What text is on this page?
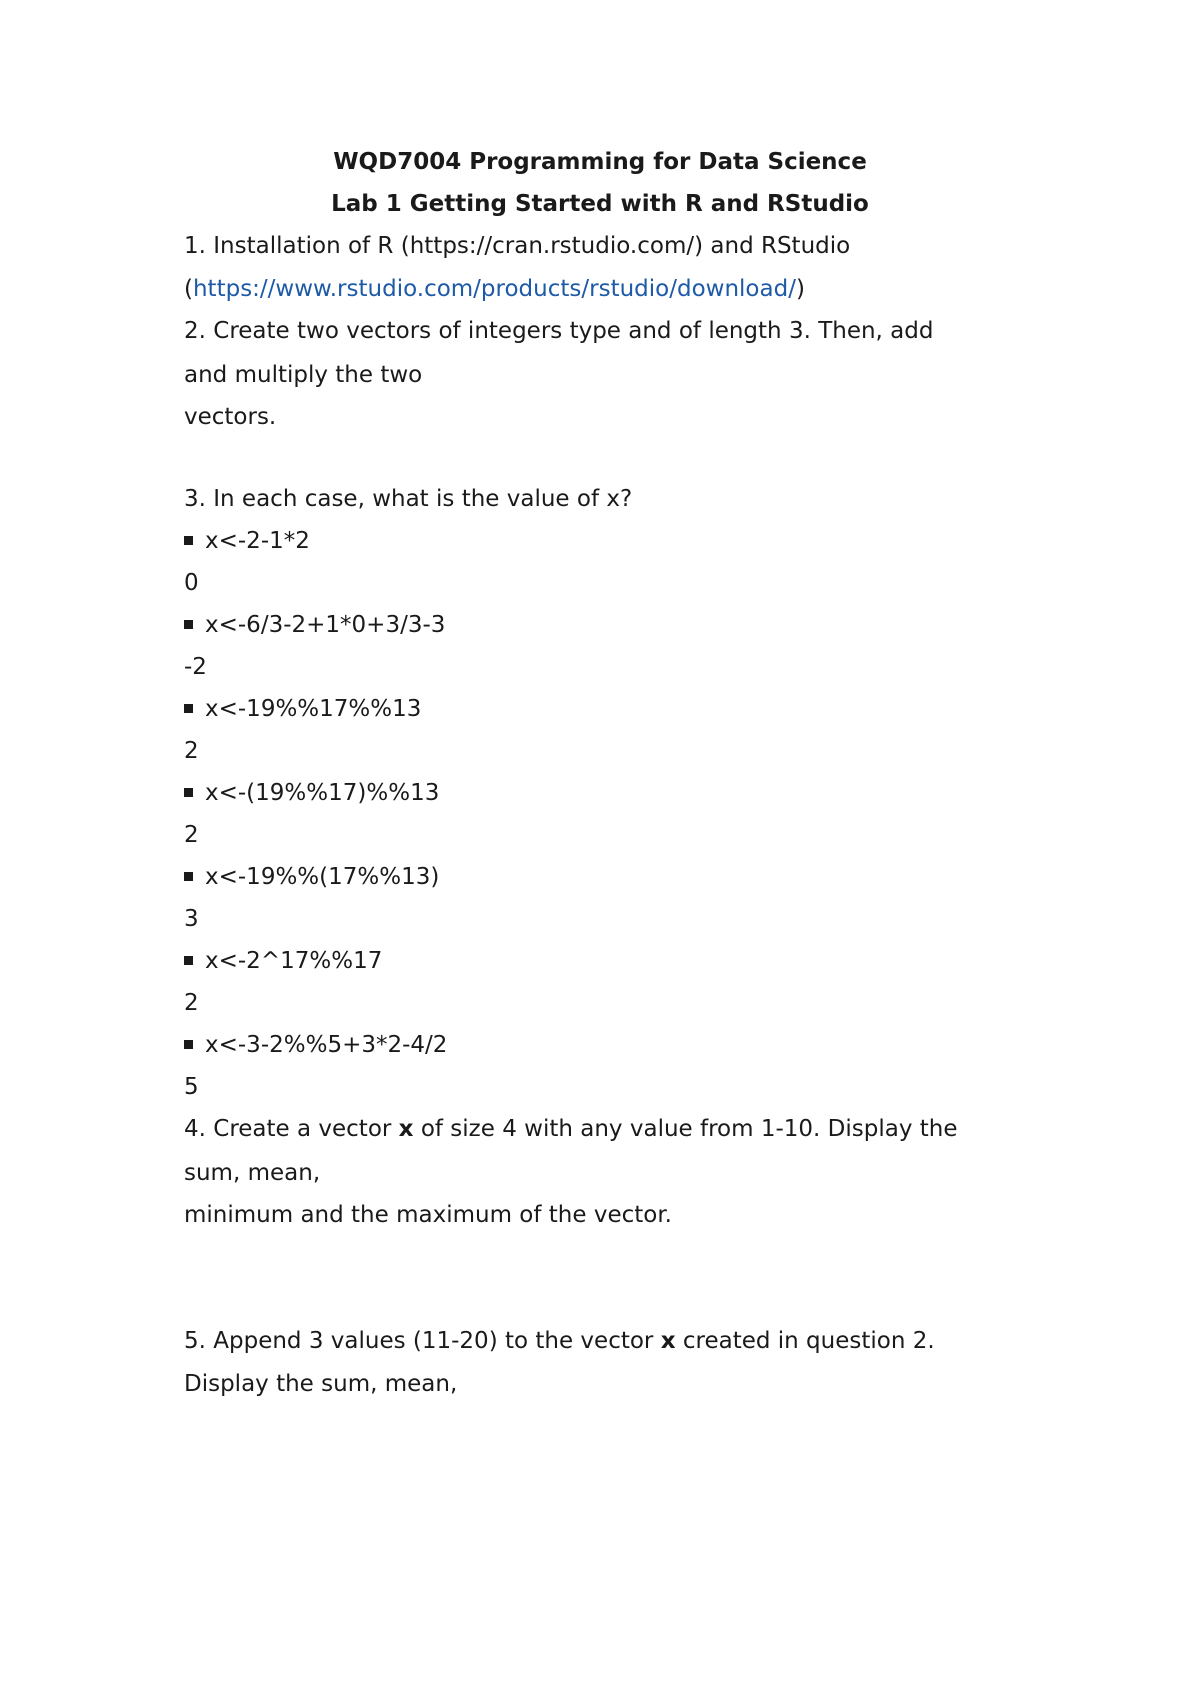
WQD7004 Programming for Data Science
Lab 1 Getting Started with R and RStudio
1. Installation of R (https://cran.rstudio.com/) and RStudio
(https://www.rstudio.com/products/rstudio/download/)
2. Create two vectors of integers type and of length 3. Then, add
and multiply the two
vectors.
3. In each case, what is the value of x?
x<-2-1*2
0
x<-6/3-2+1*0+3/3-3
-2
x<-19%%17%%13
2
x<-(19%%17)%%13
2
x<-19%%(17%%13)
3
x<-2^17%%17
2
x<-3-2%%5+3*2-4/2
5
4. Create a vector x of size 4 with any value from 1-10. Display the
sum, mean,
minimum and the maximum of the vector.
5. Append 3 values (11-20) to the vector x created in question 2.
Display the sum, mean,
